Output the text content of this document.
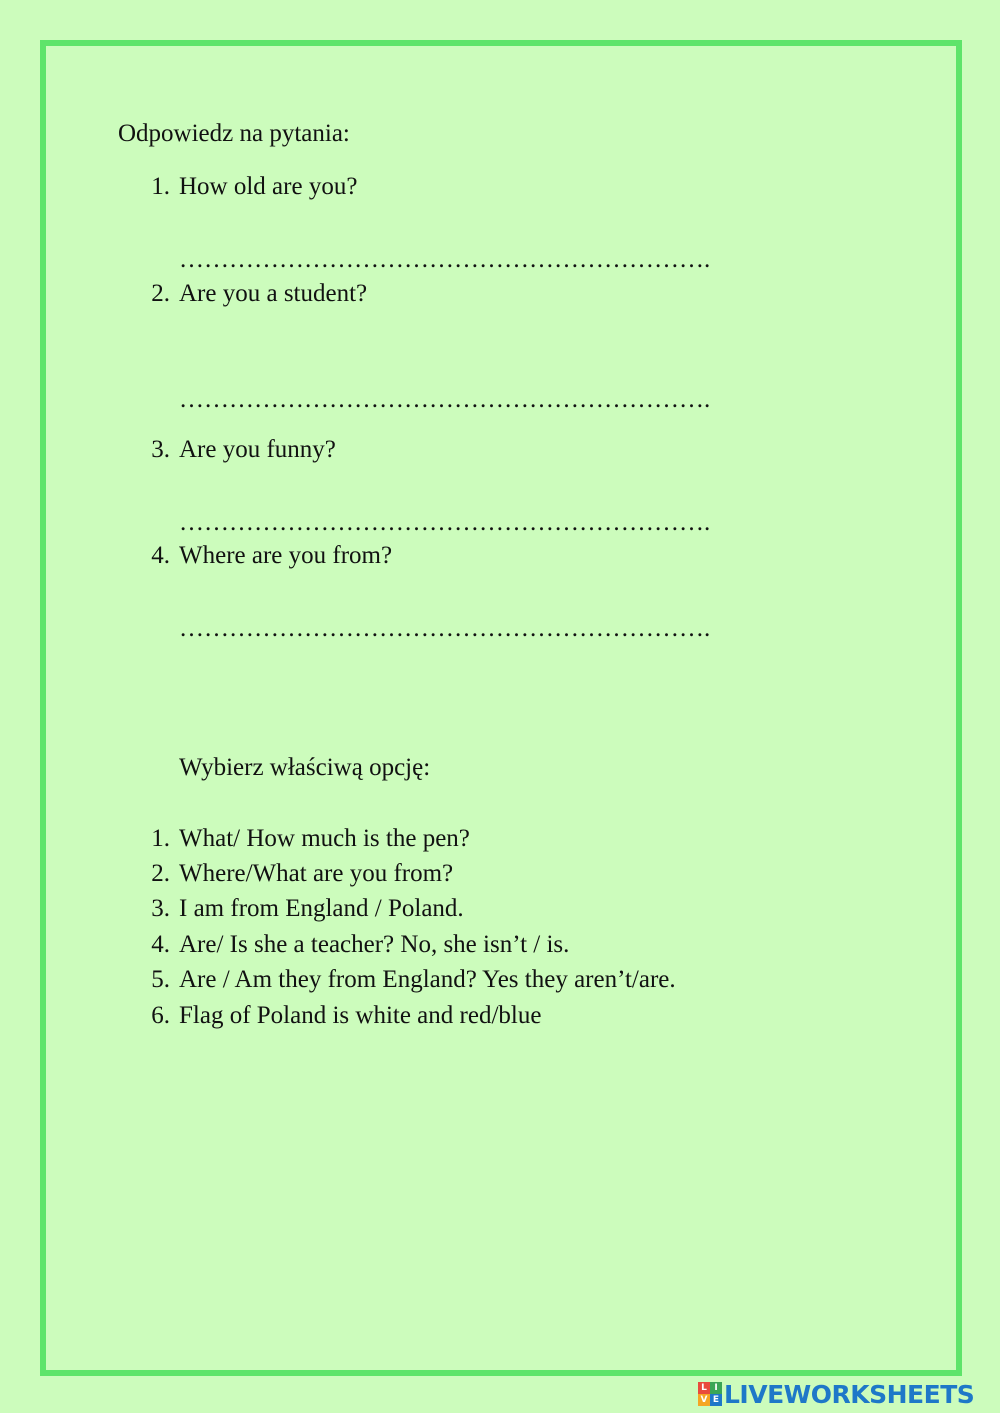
Odpowiedz na pytania:
1. How old are you?
……………………………………………………….
2. Are you a student?
……………………………………………………….
3. Are you funny?
……………………………………………………….
4. Where are you from?
……………………………………………………….
Wybierz właściwą opcję:
1. What/ How much is the pen?
2. Where/What are you from?
3. I am from England / Poland.
4. Are/ Is she a teacher? No, she isn’t / is.
5. Are / Am they from England? Yes they aren’t/are.
6. Flag of Poland is white and red/blue
L I
V E LIVEWORKSHEETS
